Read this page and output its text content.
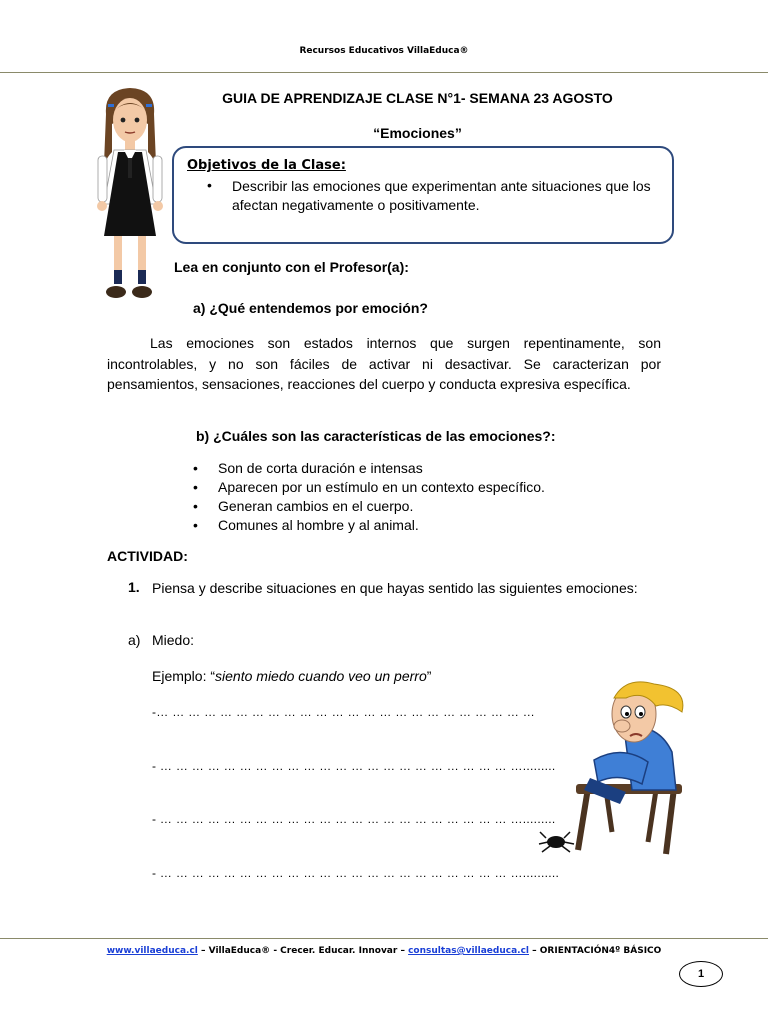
Recursos Educativos VillaEduca®
GUIA DE APRENDIZAJE CLASE N°1- SEMANA 23 AGOSTO
“Emociones”
Objetivos de la Clase:
• Describir las emociones que experimentan ante situaciones que los afectan negativamente o positivamente.
Lea en conjunto con el Profesor(a):
a) ¿Qué entendemos por emoción?
Las emociones son estados internos que surgen repentinamente, son incontrolables, y no son fáciles de activar ni desactivar. Se caracterizan por pensamientos, sensaciones, reacciones del cuerpo y conducta expresiva específica.
b) ¿Cuáles son las características de las emociones?:
• Son de corta duración e intensas
• Aparecen por un estímulo en un contexto específico.
• Generan cambios en el cuerpo.
• Comunes al hombre y al animal.
ACTIVIDAD:
1. Piensa y describe situaciones en que hayas sentido las siguientes emociones:
a) Miedo:
Ejemplo: “siento miedo cuando veo un perro”
-… … … … … … … … … … … … … … … … … … … … … … … …
- … … … … … … … … … … … … … … … … … … … … … … ….........
- … … … … … … … … … … … … … … … … … … … … … … ….........
- … … … … … … … … … … … … … … … … … … … … … … …..........
www.villaeduca.cl – VillaEduca® - Crecer. Educar. Innovar – consultas@villaeduca.cl – ORIENTACIÓN4º BÁSICO
1
